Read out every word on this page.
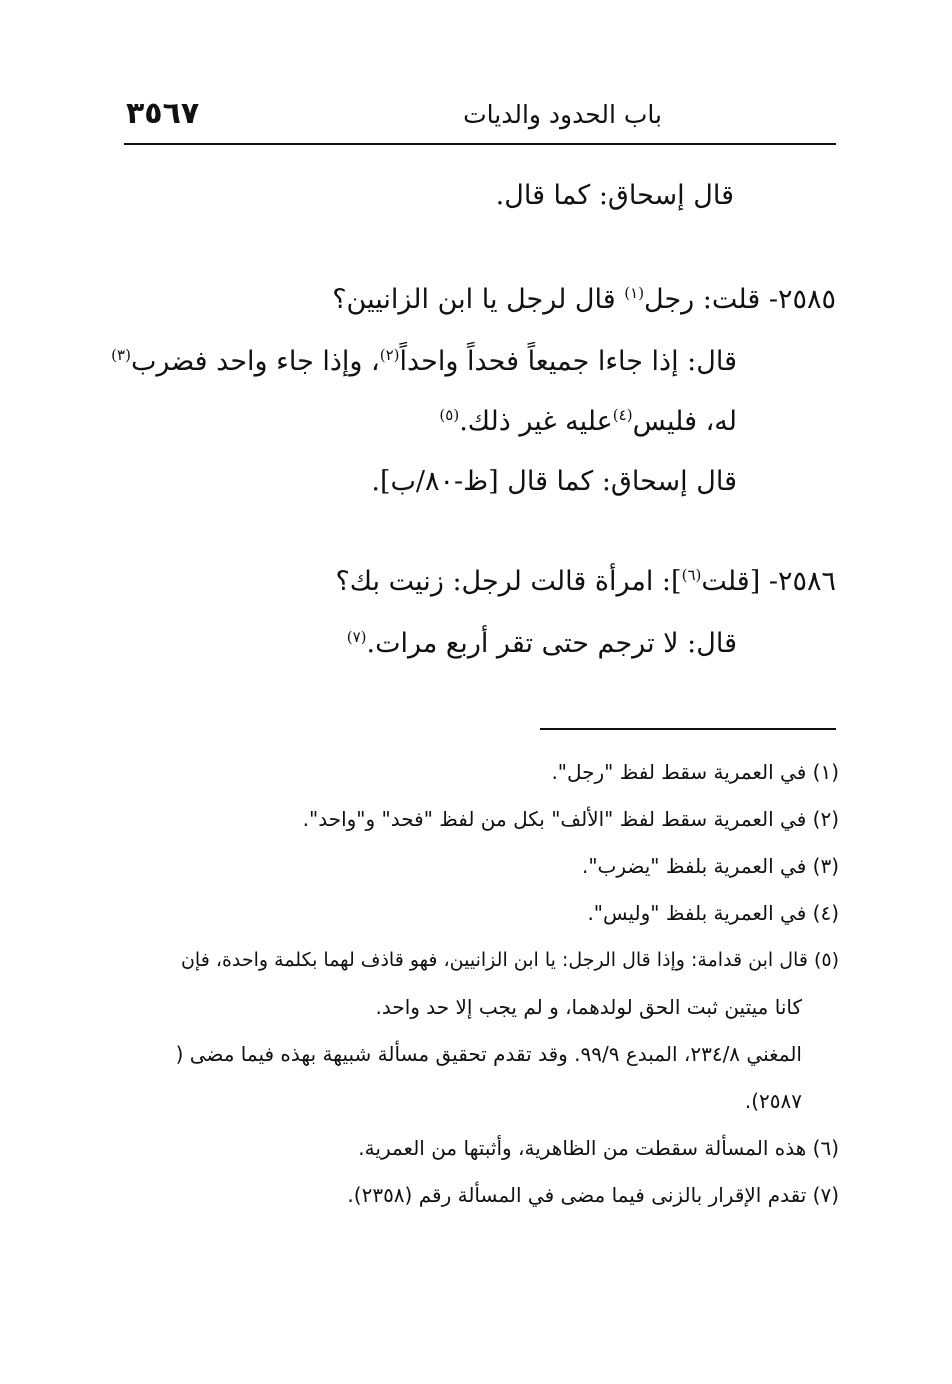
باب الحدود والديات
٣٥٦٧
قال إسحاق: كما قال.
٢٥٨٥- قلت: رجل$^{(١)}$ قال لرجل يا ابن الزانيين؟
قال: إذا جاءا جميعاً فحداً واحداً$^{(٢)}$، وإذا جاء واحد فضرب$^{(٣)}$
له، فليس$^{(٤)}$عليه غير ذلك.$^{(٥)}$
قال إسحاق: كما قال [ظ-٨٠/ب].
٢٥٨٦- [قلت$^{(٦)}$]: امرأة قالت لرجل: زنيت بك؟
قال: لا ترجم حتى تقر أربع مرات.$^{(٧)}$
(١) في العمرية سقط لفظ "رجل".
(٢) في العمرية سقط لفظ "الألف" بكل من لفظ "فحد" و"واحد".
(٣) في العمرية بلفظ "يضرب".
(٤) في العمرية بلفظ "وليس".
(٥) قال ابن قدامة: وإذا قال الرجل: يا ابن الزانيين، فهو قاذف لهما بكلمة واحدة، فإن
كانا ميتين ثبت الحق لولدهما، و لم يجب إلا حد واحد.
المغني ٢٣٤/٨، المبدع ٩٩/٩. وقد تقدم تحقيق مسألة شبيهة بهذه فيما مضى (
٢٥٨٧).
(٦) هذه المسألة سقطت من الظاهرية، وأثبتها من العمرية.
(٧) تقدم الإقرار بالزنى فيما مضى في المسألة رقم (٢٣٥٨).
